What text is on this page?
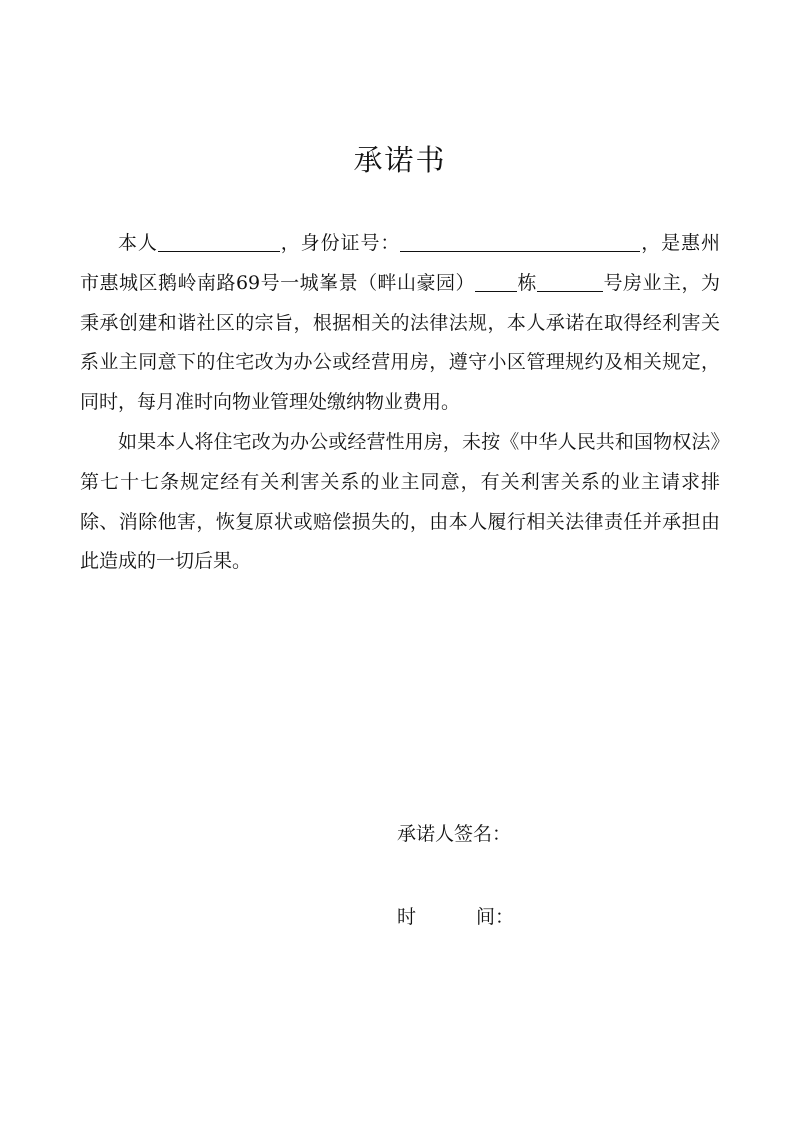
承诺书

本人	，身份证号：	，是惠州市惠城区鹅岭南路69号一城峯景（畔山豪园） 栋	号房业主，为秉承创建和谐社区的宗旨，根据相关的法律法规，本人承诺在取得经利害关系业主同意下的住宅改为办公或经营用房，遵守小区管理规约及相关规定，同时，每月准时向物业管理处缴纳物业费用。

如果本人将住宅改为办公或经营性用房，未按《中华人民共和国物权法》第七十七条规定经有关利害关系的业主同意，有关利害关系的业主请求排除、消除他害，恢复原状或赔偿损失的，由本人履行相关法律责任并承担由此造成的一切后果。

承诺人签名：
时	间：
